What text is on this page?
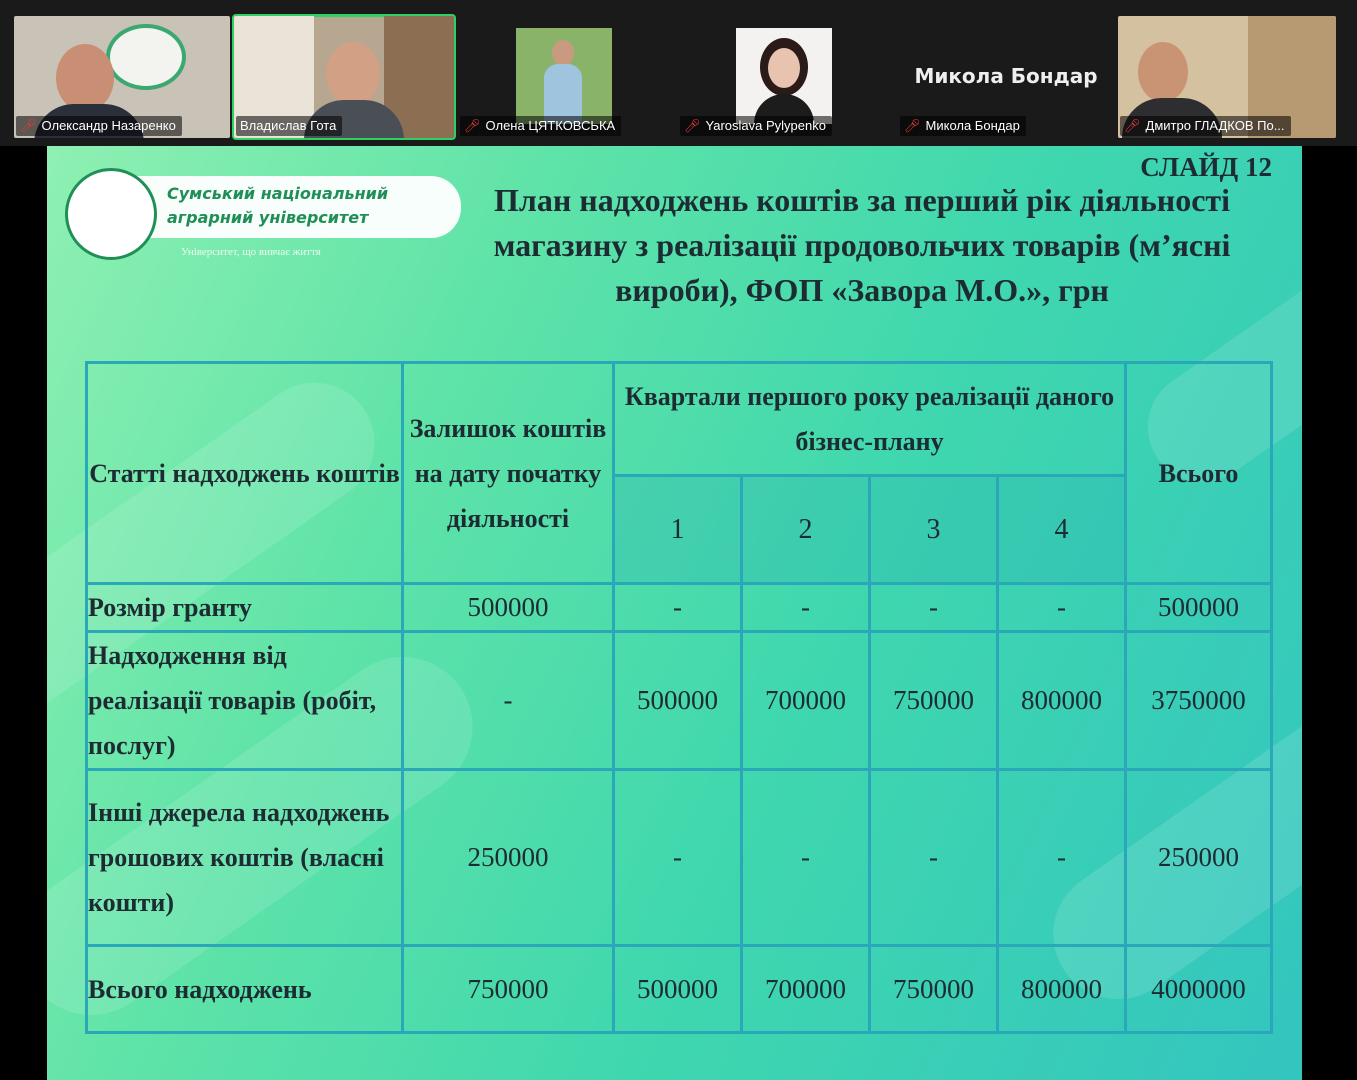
🎤︎ Олександр Назаренко	Владислав Гота	🎤︎ Олена ЦЯТКОВСЬКА	🎤︎ Yaroslava Pylypenko
Микола Бондар
🎤︎ Микола Бондар	🎤︎ Дмитро ГЛАДКОВ По...
Сумський національний
аграрний університет
Університет, що вивчає життя
СЛАЙД 12
План надходжень коштів за перший рік діяльності магазину з реалізації продовольчих товарів (м’ясні вироби), ФОП «Завора М.О.», грн
Статті надходжень коштів	Залишок коштів на дату початку діяльності	Квартали першого року реалізації даного бізнес-плану				Всього
		1	2	3	4	
Розмір гранту	500000	-	-	-	-	500000
Надходження від реалізації товарів (робіт, послуг)	-	500000	700000	750000	800000	3750000
Інші джерела надходжень грошових коштів (власні кошти)	250000	-	-	-	-	250000
Всього надходжень	750000	500000	700000	750000	800000	4000000
